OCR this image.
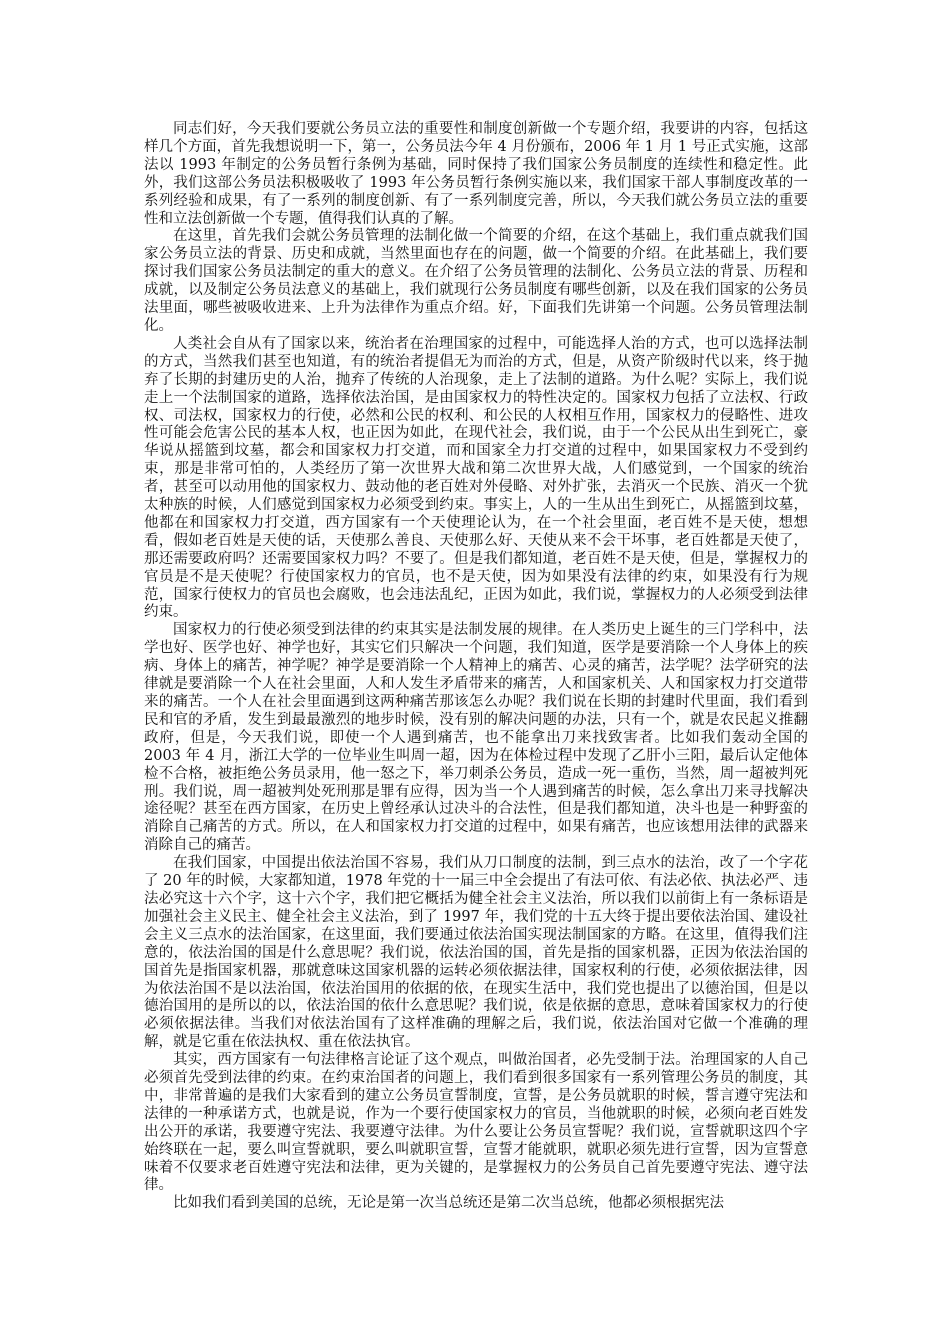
同志们好，今天我们要就公务员立法的重要性和制度创新做一个专题介绍，我要讲的内容，包括这样几个方面，首先我想说明一下，第一，公务员法今年 4 月份颁布，2006 年 1 月 1 号正式实施，这部法以 1993 年制定的公务员暂行条例为基础，同时保持了我们国家公务员制度的连续性和稳定性。此外，我们这部公务员法积极吸收了 1993 年公务员暂行条例实施以来，我们国家干部人事制度改革的一系列经验和成果，有了一系列的制度创新、有了一系列制度完善，所以，今天我们就公务员立法的重要性和立法创新做一个专题，值得我们认真的了解。

在这里，首先我们会就公务员管理的法制化做一个简要的介绍，在这个基础上，我们重点就我们国家公务员立法的背景、历史和成就，当然里面也存在的问题，做一个简要的介绍。在此基础上，我们要探讨我们国家公务员法制定的重大的意义。在介绍了公务员管理的法制化、公务员立法的背景、历程和成就，以及制定公务员法意义的基础上，我们就现行公务员制度有哪些创新，以及在我们国家的公务员法里面，哪些被吸收进来、上升为法律作为重点介绍。好，下面我们先讲第一个问题。公务员管理法制化。

人类社会自从有了国家以来，统治者在治理国家的过程中，可能选择人治的方式，也可以选择法制的方式，当然我们甚至也知道，有的统治者提倡无为而治的方式，但是，从资产阶级时代以来，终于抛弃了长期的封建历史的人治，抛弃了传统的人治现象，走上了法制的道路。为什么呢？实际上，我们说走上一个法制国家的道路，选择依法治国，是由国家权力的特性决定的。国家权力包括了立法权、行政权、司法权，国家权力的行使，必然和公民的权利、和公民的人权相互作用，国家权力的侵略性、进攻性可能会危害公民的基本人权，也正因为如此，在现代社会，我们说，由于一个公民从出生到死亡，豪华说从摇篮到坟墓，都会和国家权力打交道，而和国家全力打交道的过程中，如果国家权力不受到约束，那是非常可怕的，人类经历了第一次世界大战和第二次世界大战，人们感觉到，一个国家的统治者，甚至可以动用他的国家权力、鼓动他的老百姓对外侵略、对外扩张，去消灭一个民族、消灭一个犹太种族的时候，人们感觉到国家权力必须受到约束。事实上，人的一生从出生到死亡，从摇篮到坟墓，他都在和国家权力打交道，西方国家有一个天使理论认为，在一个社会里面，老百姓不是天使，想想看，假如老百姓是天使的话，天使那么善良、天使那么好、天使从来不会干坏事，老百姓都是天使了，那还需要政府吗？还需要国家权力吗？不要了。但是我们都知道，老百姓不是天使，但是，掌握权力的官员是不是天使呢？行使国家权力的官员，也不是天使，因为如果没有法律的约束，如果没有行为规范，国家行使权力的官员也会腐败，也会违法乱纪，正因为如此，我们说，掌握权力的人必须受到法律约束。

国家权力的行使必须受到法律的约束其实是法制发展的规律。在人类历史上诞生的三门学科中，法学也好、医学也好、神学也好，其实它们只解决一个问题，我们知道，医学是要消除一个人身体上的疾病、身体上的痛苦，神学呢？神学是要消除一个人精神上的痛苦、心灵的痛苦，法学呢？法学研究的法律就是要消除一个人在社会里面，人和人发生矛盾带来的痛苦，人和国家机关、人和国家权力打交道带来的痛苦。一个人在社会里面遇到这两种痛苦那该怎么办呢？我们说在长期的封建时代里面，我们看到民和官的矛盾，发生到最最激烈的地步时候，没有别的解决问题的办法，只有一个，就是农民起义推翻政府，但是，今天我们说，即使一个人遇到痛苦，也不能拿出刀来找致害者。比如我们轰动全国的 2003 年 4 月，浙江大学的一位毕业生叫周一超，因为在体检过程中发现了乙肝小三阳，最后认定他体检不合格，被拒绝公务员录用，他一怒之下，举刀刺杀公务员，造成一死一重伤，当然，周一超被判死刑。我们说，周一超被判处死刑那是罪有应得，因为当一个人遇到痛苦的时候，怎么拿出刀来寻找解决途径呢？甚至在西方国家，在历史上曾经承认过决斗的合法性，但是我们都知道，决斗也是一种野蛮的消除自己痛苦的方式。所以，在人和国家权力打交道的过程中，如果有痛苦，也应该想用法律的武器来消除自己的痛苦。

在我们国家，中国提出依法治国不容易，我们从刀口制度的法制，到三点水的法治，改了一个字花了 20 年的时候，大家都知道，1978 年党的十一届三中全会提出了有法可依、有法必依、执法必严、违法必究这十六个字，这十六个字，我们把它概括为健全社会主义法治，所以我们以前街上有一条标语是加强社会主义民主、健全社会主义法治，到了 1997 年，我们党的十五大终于提出要依法治国、建设社会主义三点水的法治国家，在这里面，我们要通过依法治国实现法制国家的方略。在这里，值得我们注意的，依法治国的国是什么意思呢？我们说，依法治国的国，首先是指的国家机器，正因为依法治国的国首先是指国家机器，那就意味这国家机器的运转必须依据法律，国家权利的行使，必须依据法律，因为依法治国不是以法治国，依法治国用的依据的依，在现实生活中，我们党也提出了以德治国，但是以德治国用的是所以的以，依法治国的依什么意思呢？我们说，依是依据的意思，意味着国家权力的行使必须依据法律。当我们对依法治国有了这样准确的理解之后，我们说，依法治国对它做一个准确的理解，就是它重在依法执权、重在依法执官。

其实，西方国家有一句法律格言论证了这个观点，叫做治国者，必先受制于法。治理国家的人自己必须首先受到法律的约束。在约束治国者的问题上，我们看到很多国家有一系列管理公务员的制度，其中，非常普遍的是我们大家看到的建立公务员宣誓制度，宣誓，是公务员就职的时候，誓言遵守宪法和法律的一种承诺方式，也就是说，作为一个要行使国家权力的官员，当他就职的时候，必须向老百姓发出公开的承诺，我要遵守宪法、我要遵守法律。为什么要让公务员宣誓呢？我们说，宣誓就职这四个字始终联在一起，要么叫宣誓就职，要么叫就职宣誓，宣誓才能就职，就职必须先进行宣誓，因为宣誓意味着不仅要求老百姓遵守宪法和法律，更为关键的，是掌握权力的公务员自己首先要遵守宪法、遵守法律。

比如我们看到美国的总统，无论是第一次当总统还是第二次当总统，他都必须根据宪法
